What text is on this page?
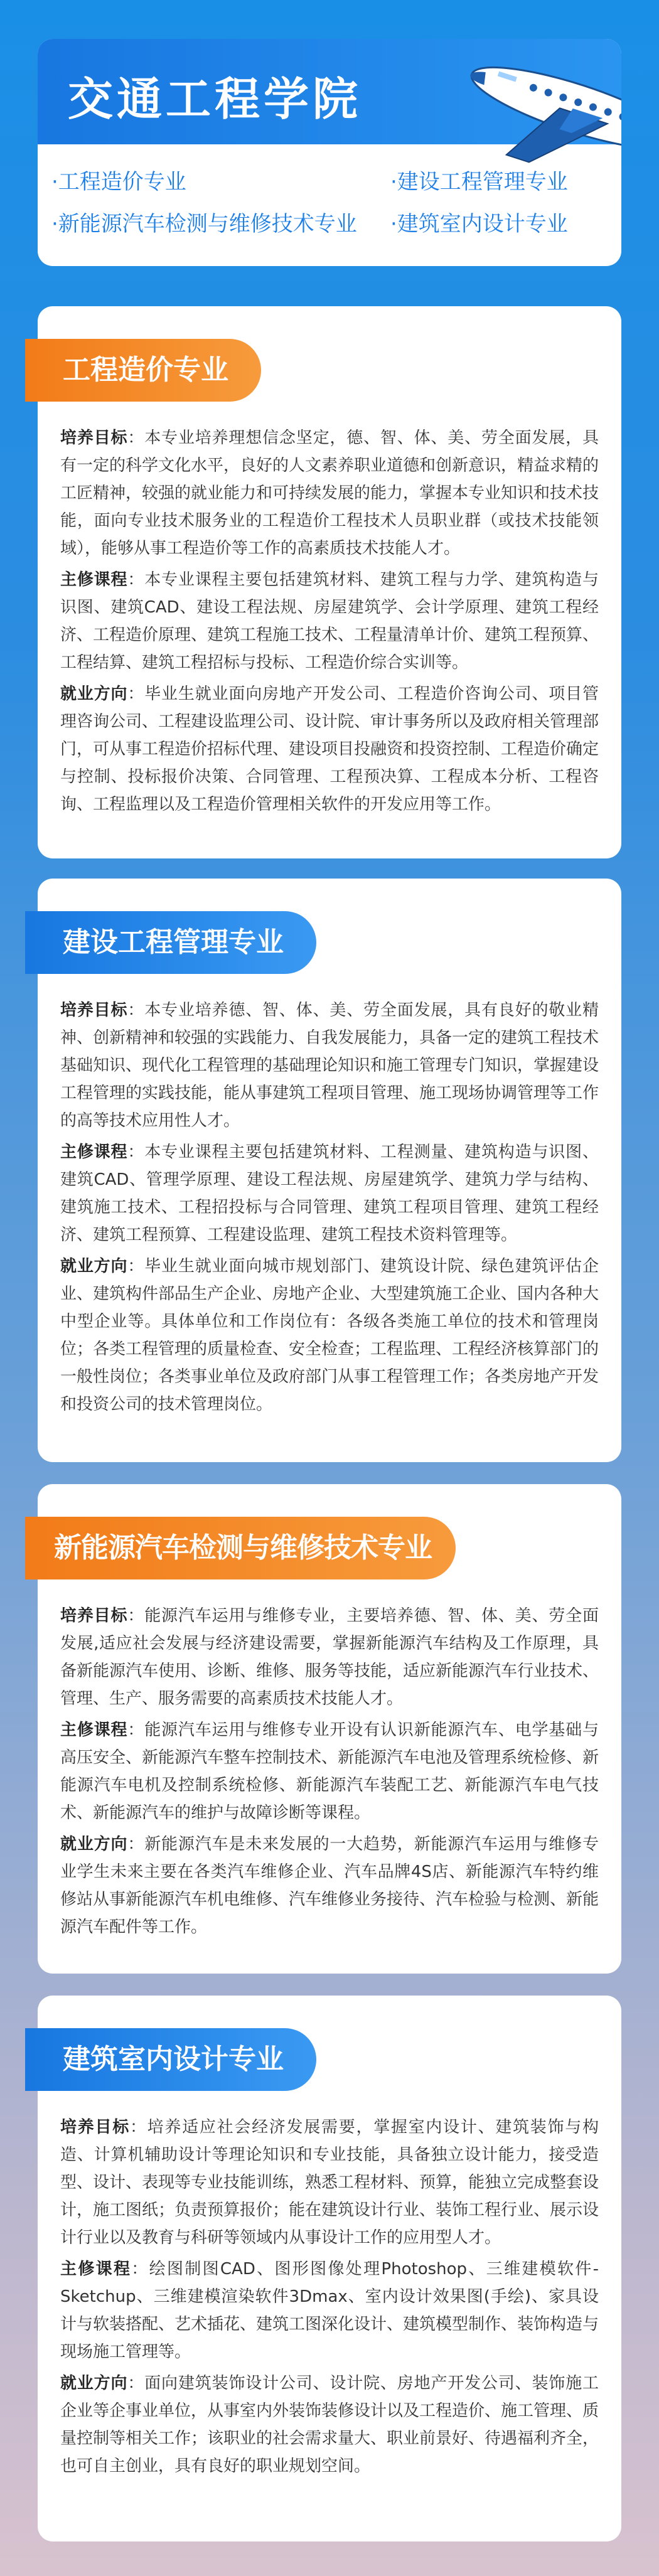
交通工程学院
·工程造价专业	·建设工程管理专业
·新能源汽车检测与维修技术专业	·建筑室内设计专业
工程造价专业

培养目标：本专业培养理想信念坚定，德、智、体、美、劳全面发展，具有一定的科学文化水平，良好的人文素养职业道德和创新意识，精益求精的工匠精神，较强的就业能力和可持续发展的能力，掌握本专业知识和技术技能，面向专业技术服务业的工程造价工程技术人员职业群（或技术技能领域），能够从事工程造价等工作的高素质技术技能人才。

主修课程：本专业课程主要包括建筑材料、建筑工程与力学、建筑构造与识图、建筑CAD、建设工程法规、房屋建筑学、会计学原理、建筑工程经济、工程造价原理、建筑工程施工技术、工程量清单计价、建筑工程预算、工程结算、建筑工程招标与投标、工程造价综合实训等。

就业方向：毕业生就业面向房地产开发公司、工程造价咨询公司、项目管理咨询公司、工程建设监理公司、设计院、审计事务所以及政府相关管理部门，可从事工程造价招标代理、建设项目投融资和投资控制、工程造价确定与控制、投标报价决策、合同管理、工程预决算、工程成本分析、工程咨询、工程监理以及工程造价管理相关软件的开发应用等工作。

建设工程管理专业

培养目标：本专业培养德、智、体、美、劳全面发展，具有良好的敬业精神、创新精神和较强的实践能力、自我发展能力，具备一定的建筑工程技术基础知识、现代化工程管理的基础理论知识和施工管理专门知识，掌握建设工程管理的实践技能，能从事建筑工程项目管理、施工现场协调管理等工作的高等技术应用性人才。

主修课程：本专业课程主要包括建筑材料、工程测量、建筑构造与识图、建筑CAD、管理学原理、建设工程法规、房屋建筑学、建筑力学与结构、建筑施工技术、工程招投标与合同管理、建筑工程项目管理、建筑工程经济、建筑工程预算、工程建设监理、建筑工程技术资料管理等。

就业方向：毕业生就业面向城市规划部门、建筑设计院、绿色建筑评估企业、建筑构件部品生产企业、房地产企业、大型建筑施工企业、国内各种大中型企业等。具体单位和工作岗位有：各级各类施工单位的技术和管理岗位；各类工程管理的质量检查、安全检查；工程监理、工程经济核算部门的一般性岗位；各类事业单位及政府部门从事工程管理工作；各类房地产开发和投资公司的技术管理岗位。

新能源汽车检测与维修技术专业

培养目标：能源汽车运用与维修专业，主要培养德、智、体、美、劳全面发展,适应社会发展与经济建设需要，掌握新能源汽车结构及工作原理，具备新能源汽车使用、诊断、维修、服务等技能，适应新能源汽车行业技术、管理、生产、服务需要的高素质技术技能人才。

主修课程：能源汽车运用与维修专业开设有认识新能源汽车、电学基础与高压安全、新能源汽车整车控制技术、新能源汽车电池及管理系统检修、新能源汽车电机及控制系统检修、新能源汽车装配工艺、新能源汽车电气技术、新能源汽车的维护与故障诊断等课程。

就业方向：新能源汽车是未来发展的一大趋势，新能源汽车运用与维修专业学生未来主要在各类汽车维修企业、汽车品牌4S店、新能源汽车特约维修站从事新能源汽车机电维修、汽车维修业务接待、汽车检验与检测、新能源汽车配件等工作。

建筑室内设计专业

培养目标：培养适应社会经济发展需要，掌握室内设计、建筑装饰与构造、计算机辅助设计等理论知识和专业技能，具备独立设计能力，接受造型、设计、表现等专业技能训练，熟悉工程材料、预算，能独立完成整套设计，施工图纸；负责预算报价；能在建筑设计行业、装饰工程行业、展示设计行业以及教育与科研等领域内从事设计工作的应用型人才。

主修课程：绘图制图CAD、图形图像处理Photoshop、三维建模软件-Sketchup、三维建模渲染软件3Dmax、室内设计效果图(手绘)、家具设计与软装搭配、艺术插花、建筑工图深化设计、建筑模型制作、装饰构造与现场施工管理等。

就业方向：面向建筑装饰设计公司、设计院、房地产开发公司、装饰施工企业等企事业单位，从事室内外装饰装修设计以及工程造价、施工管理、质量控制等相关工作；该职业的社会需求量大、职业前景好、待遇福利齐全，也可自主创业，具有良好的职业规划空间。
